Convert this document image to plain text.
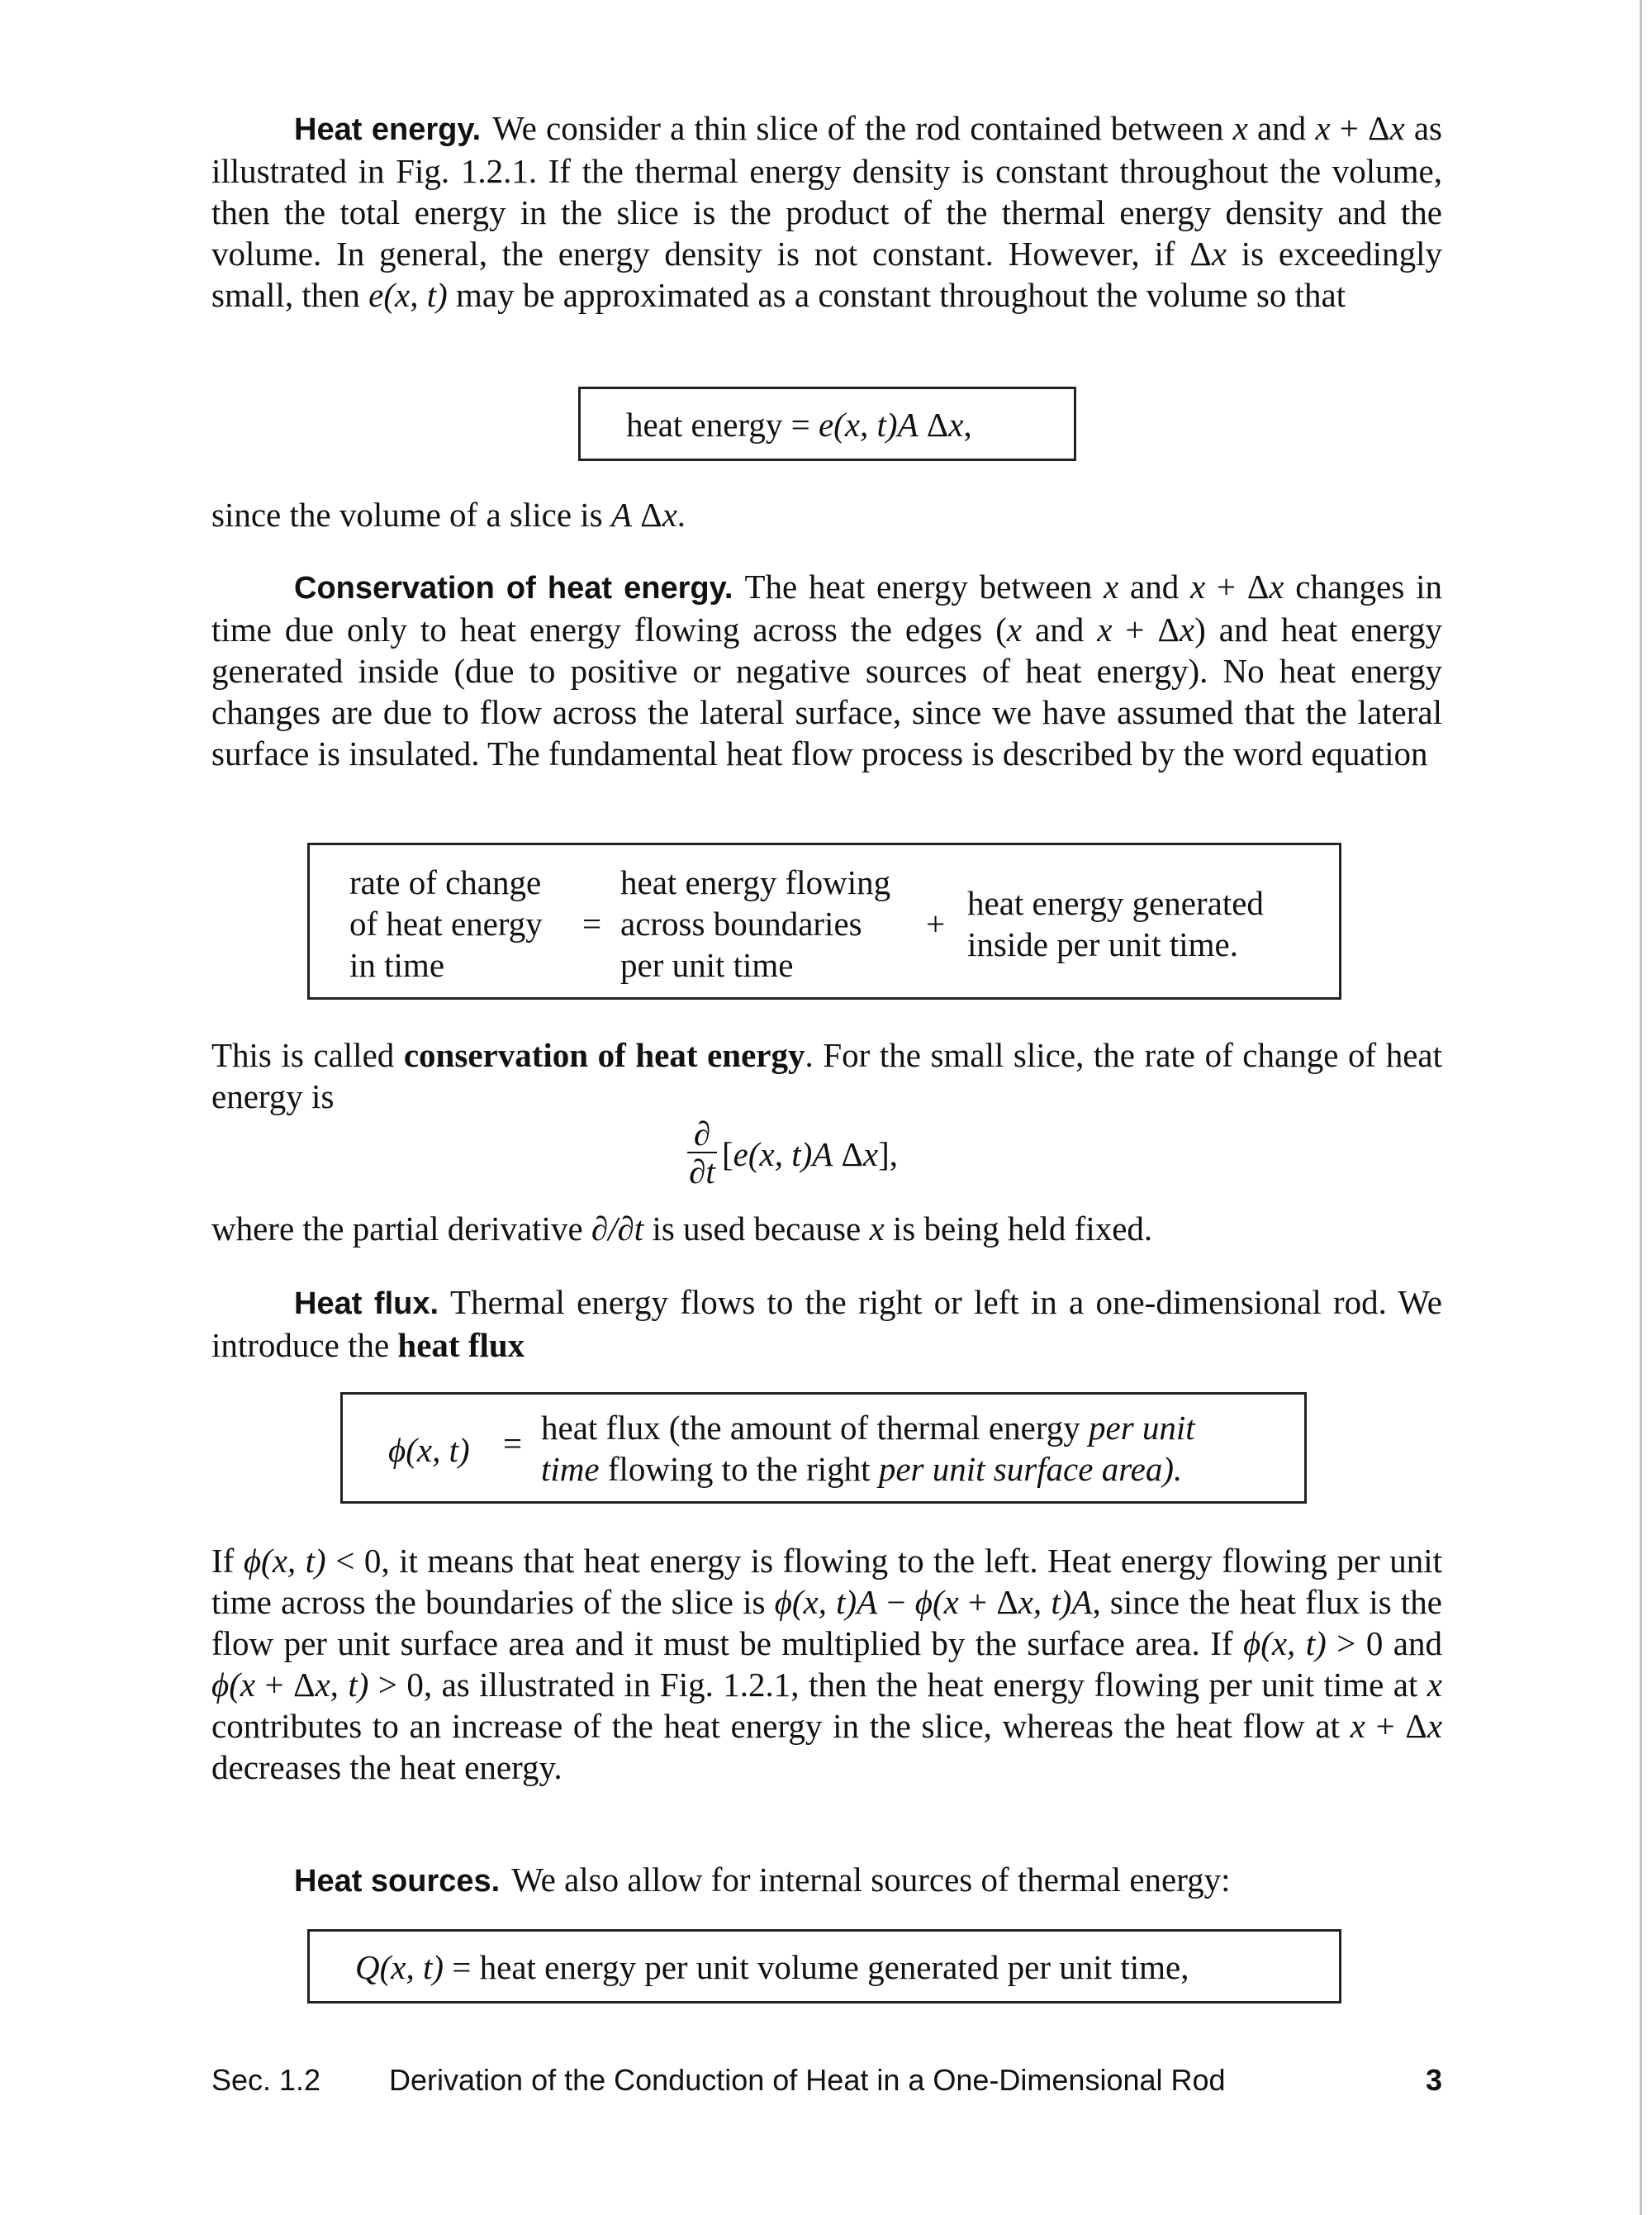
Heat energy. We consider a thin slice of the rod contained between x and x + Δx as illustrated in Fig. 1.2.1. If the thermal energy density is constant throughout the volume, then the total energy in the slice is the product of the thermal energy density and the volume. In general, the energy density is not constant. However, if Δx is exceedingly small, then e(x, t) may be approximated as a constant throughout the volume so that

heat energy = e(x, t)A Δx,

since the volume of a slice is A Δx.

Conservation of heat energy. The heat energy between x and x + Δx changes in time due only to heat energy flowing across the edges (x and x + Δx) and heat energy generated inside (due to positive or negative sources of heat energy). No heat energy changes are due to flow across the lateral surface, since we have assumed that the lateral surface is insulated. The fundamental heat flow process is described by the word equation

rate of change
of heat energy
in time
=
heat energy flowing
across boundaries
per unit time
+
heat energy generated
inside per unit time.

This is called conservation of heat energy. For the small slice, the rate of change of heat energy is

∂
∂t [e(x, t)A Δx],

where the partial derivative ∂/∂t is used because x is being held fixed.

Heat flux. Thermal energy flows to the right or left in a one-dimensional rod. We introduce the heat flux

ϕ(x, t) = heat flux (the amount of thermal energy per unit
time flowing to the right per unit surface area).

If ϕ(x, t) < 0, it means that heat energy is flowing to the left. Heat energy flowing per unit time across the boundaries of the slice is ϕ(x, t)A − ϕ(x + Δx, t)A, since the heat flux is the flow per unit surface area and it must be multiplied by the surface area. If ϕ(x, t) > 0 and ϕ(x + Δx, t) > 0, as illustrated in Fig. 1.2.1, then the heat energy flowing per unit time at x contributes to an increase of the heat energy in the slice, whereas the heat flow at x + Δx decreases the heat energy.

Heat sources. We also allow for internal sources of thermal energy:

Q(x, t) = heat energy per unit volume generated per unit time,
Sec. 1.2 Derivation of the Conduction of Heat in a One-Dimensional Rod	3
